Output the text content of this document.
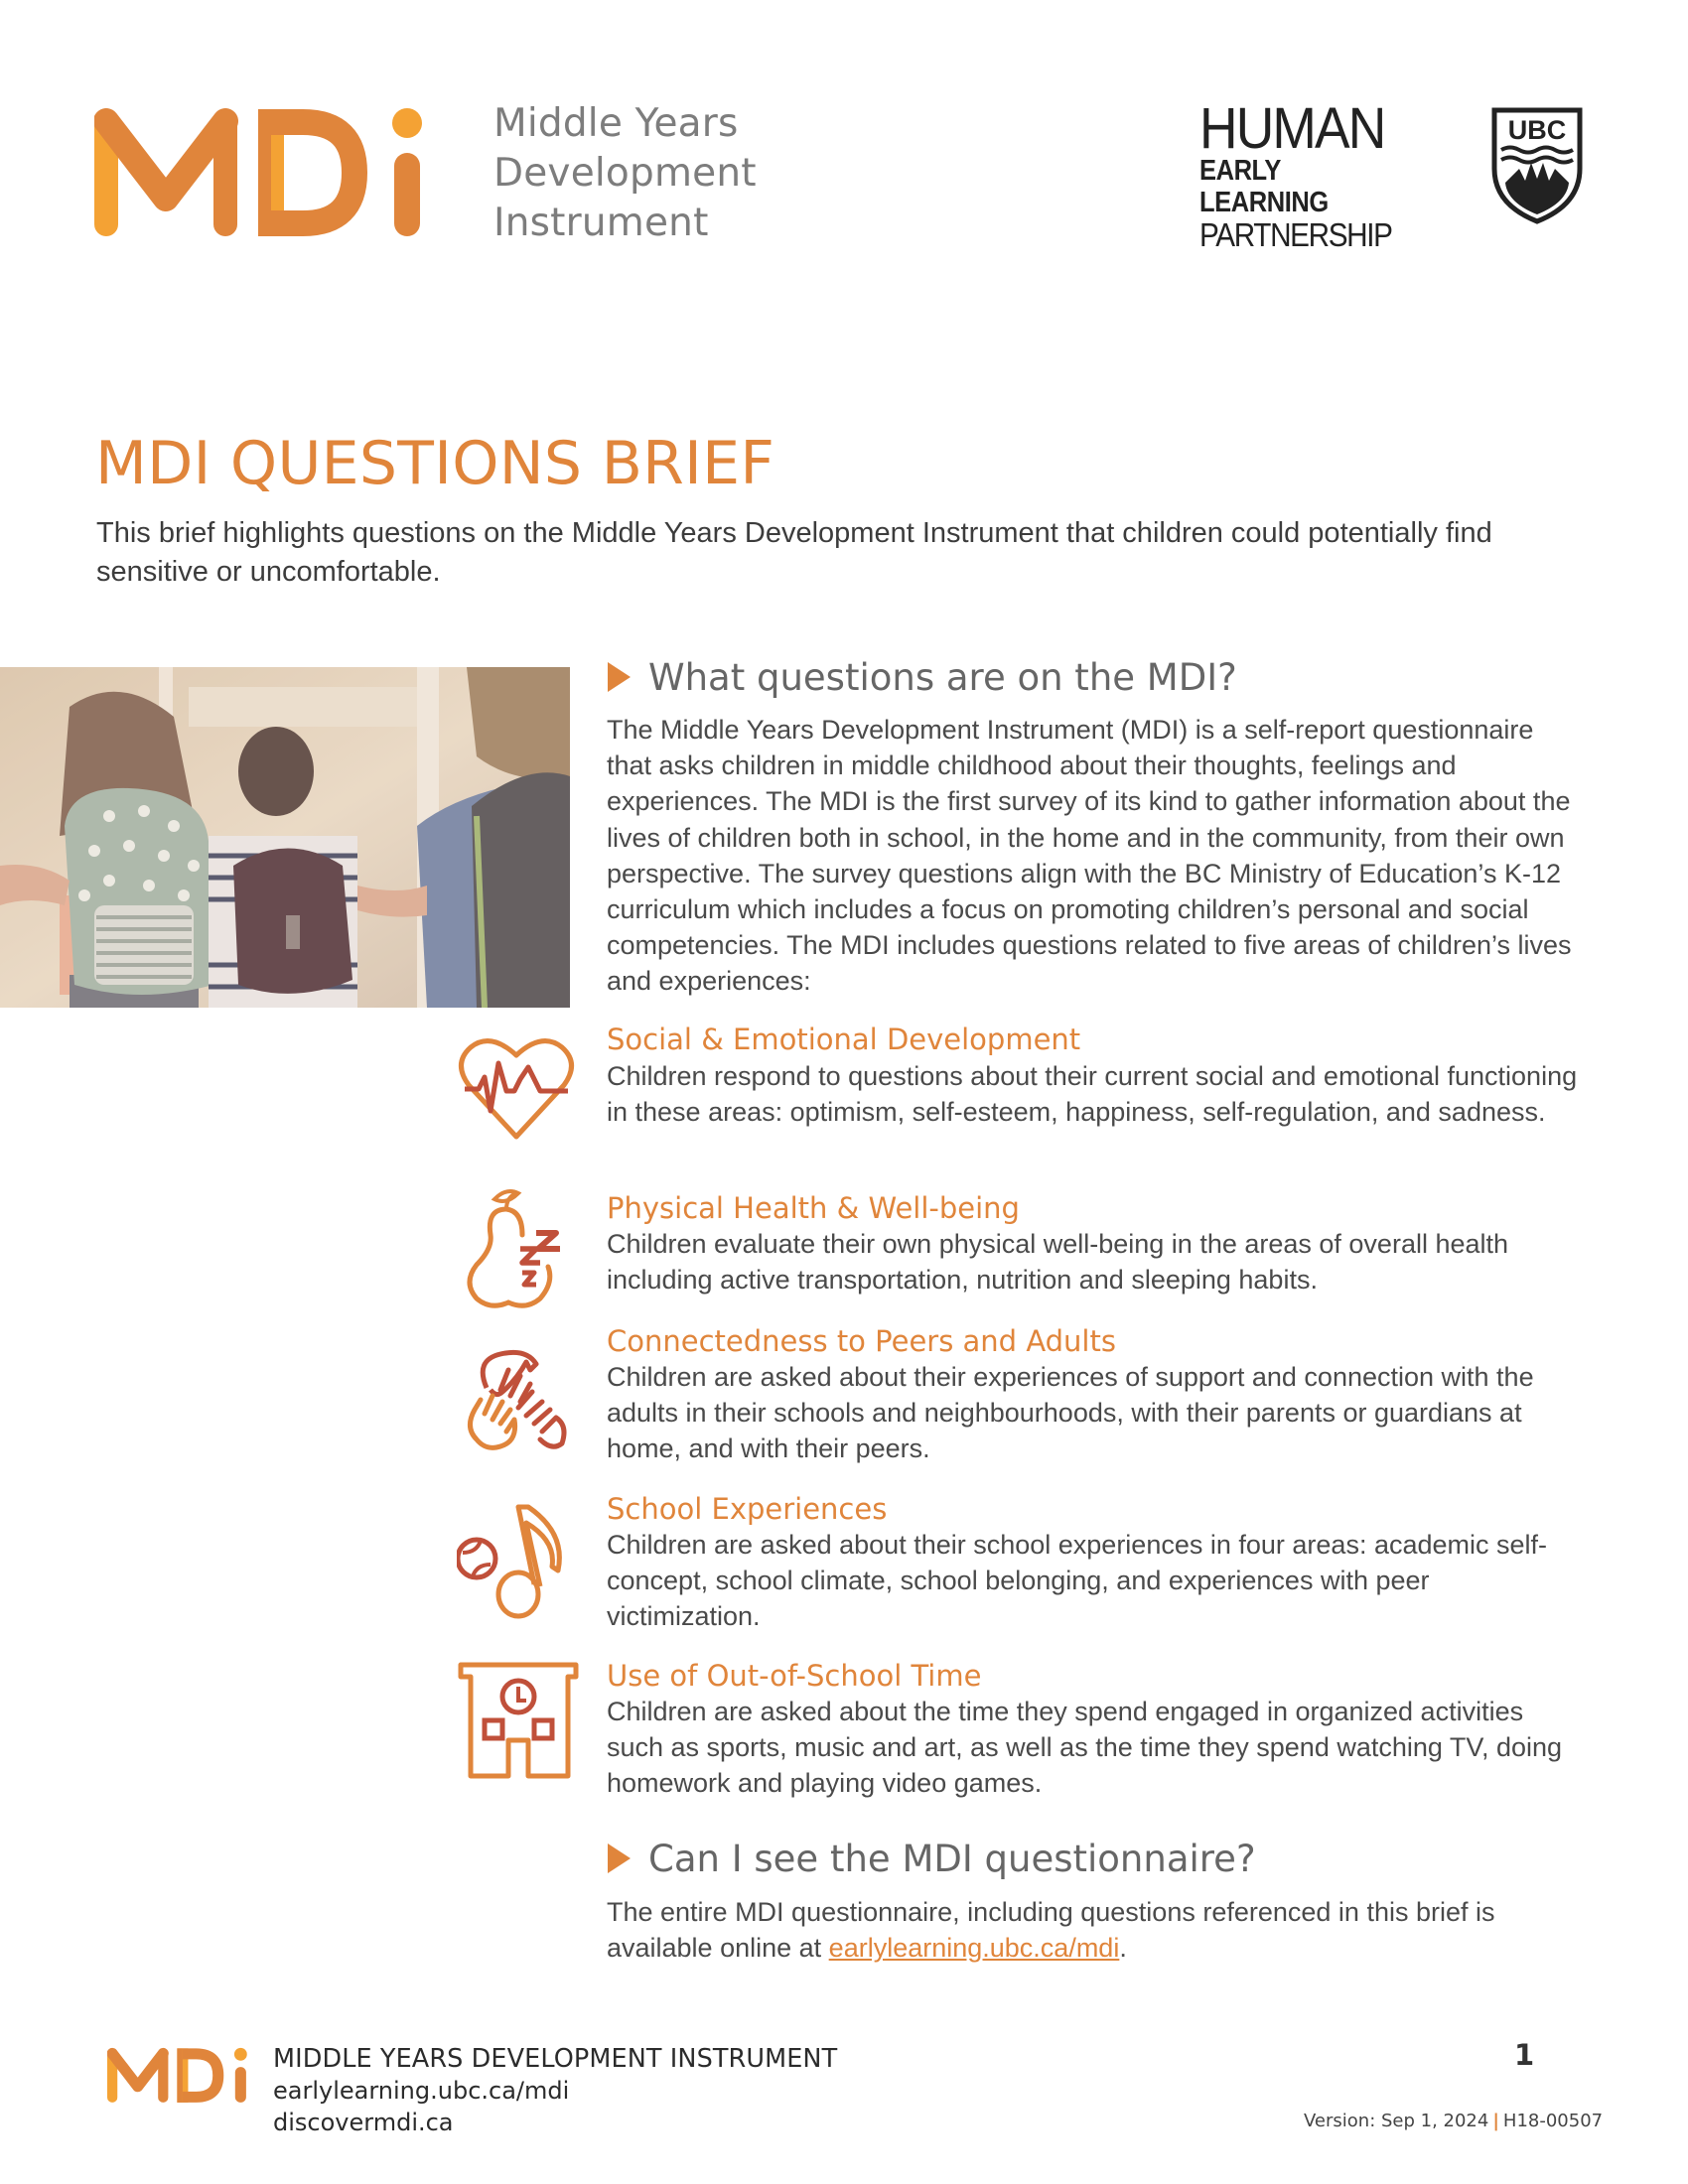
Middle Years
Development
Instrument
HUMAN
EARLY LEARNING
PARTNERSHIP
UBC
MDI QUESTIONS BRIEF
This brief highlights questions on the Middle Years Development Instrument that children could potentially find sensitive or uncomfortable.
What questions are on the MDI?
The Middle Years Development Instrument (MDI) is a self-report questionnaire that asks children in middle childhood about their thoughts, feelings and experiences. The MDI is the first survey of its kind to gather information about the lives of children both in school, in the home and in the community, from their own perspective. The survey questions align with the BC Ministry of Education’s K-12 curriculum which includes a focus on promoting children’s personal and social competencies. The MDI includes questions related to five areas of children’s lives and experiences:
Social & Emotional Development
Children respond to questions about their current social and emotional functioning in these areas: optimism, self-esteem, happiness, self-regulation, and sadness.
Physical Health & Well-being
Children evaluate their own physical well-being in the areas of overall health including active transportation, nutrition and sleeping habits.
Connectedness to Peers and Adults
Children are asked about their experiences of support and connection with the adults in their schools and neighbourhoods, with their parents or guardians at home, and with their peers.
School Experiences
Children are asked about their school experiences in four areas: academic self-concept, school climate, school belonging, and experiences with peer victimization.
Use of Out-of-School Time
Children are asked about the time they spend engaged in organized activities such as sports, music and art, as well as the time they spend watching TV, doing homework and playing video games.
Can I see the MDI questionnaire?
The entire MDI questionnaire, including questions referenced in this brief is available online at earlylearning.ubc.ca/mdi.
MIDDLE YEARS DEVELOPMENT INSTRUMENT
earlylearning.ubc.ca/mdi
discovermdi.ca
1
Version: Sep 1, 2024 | H18-00507
